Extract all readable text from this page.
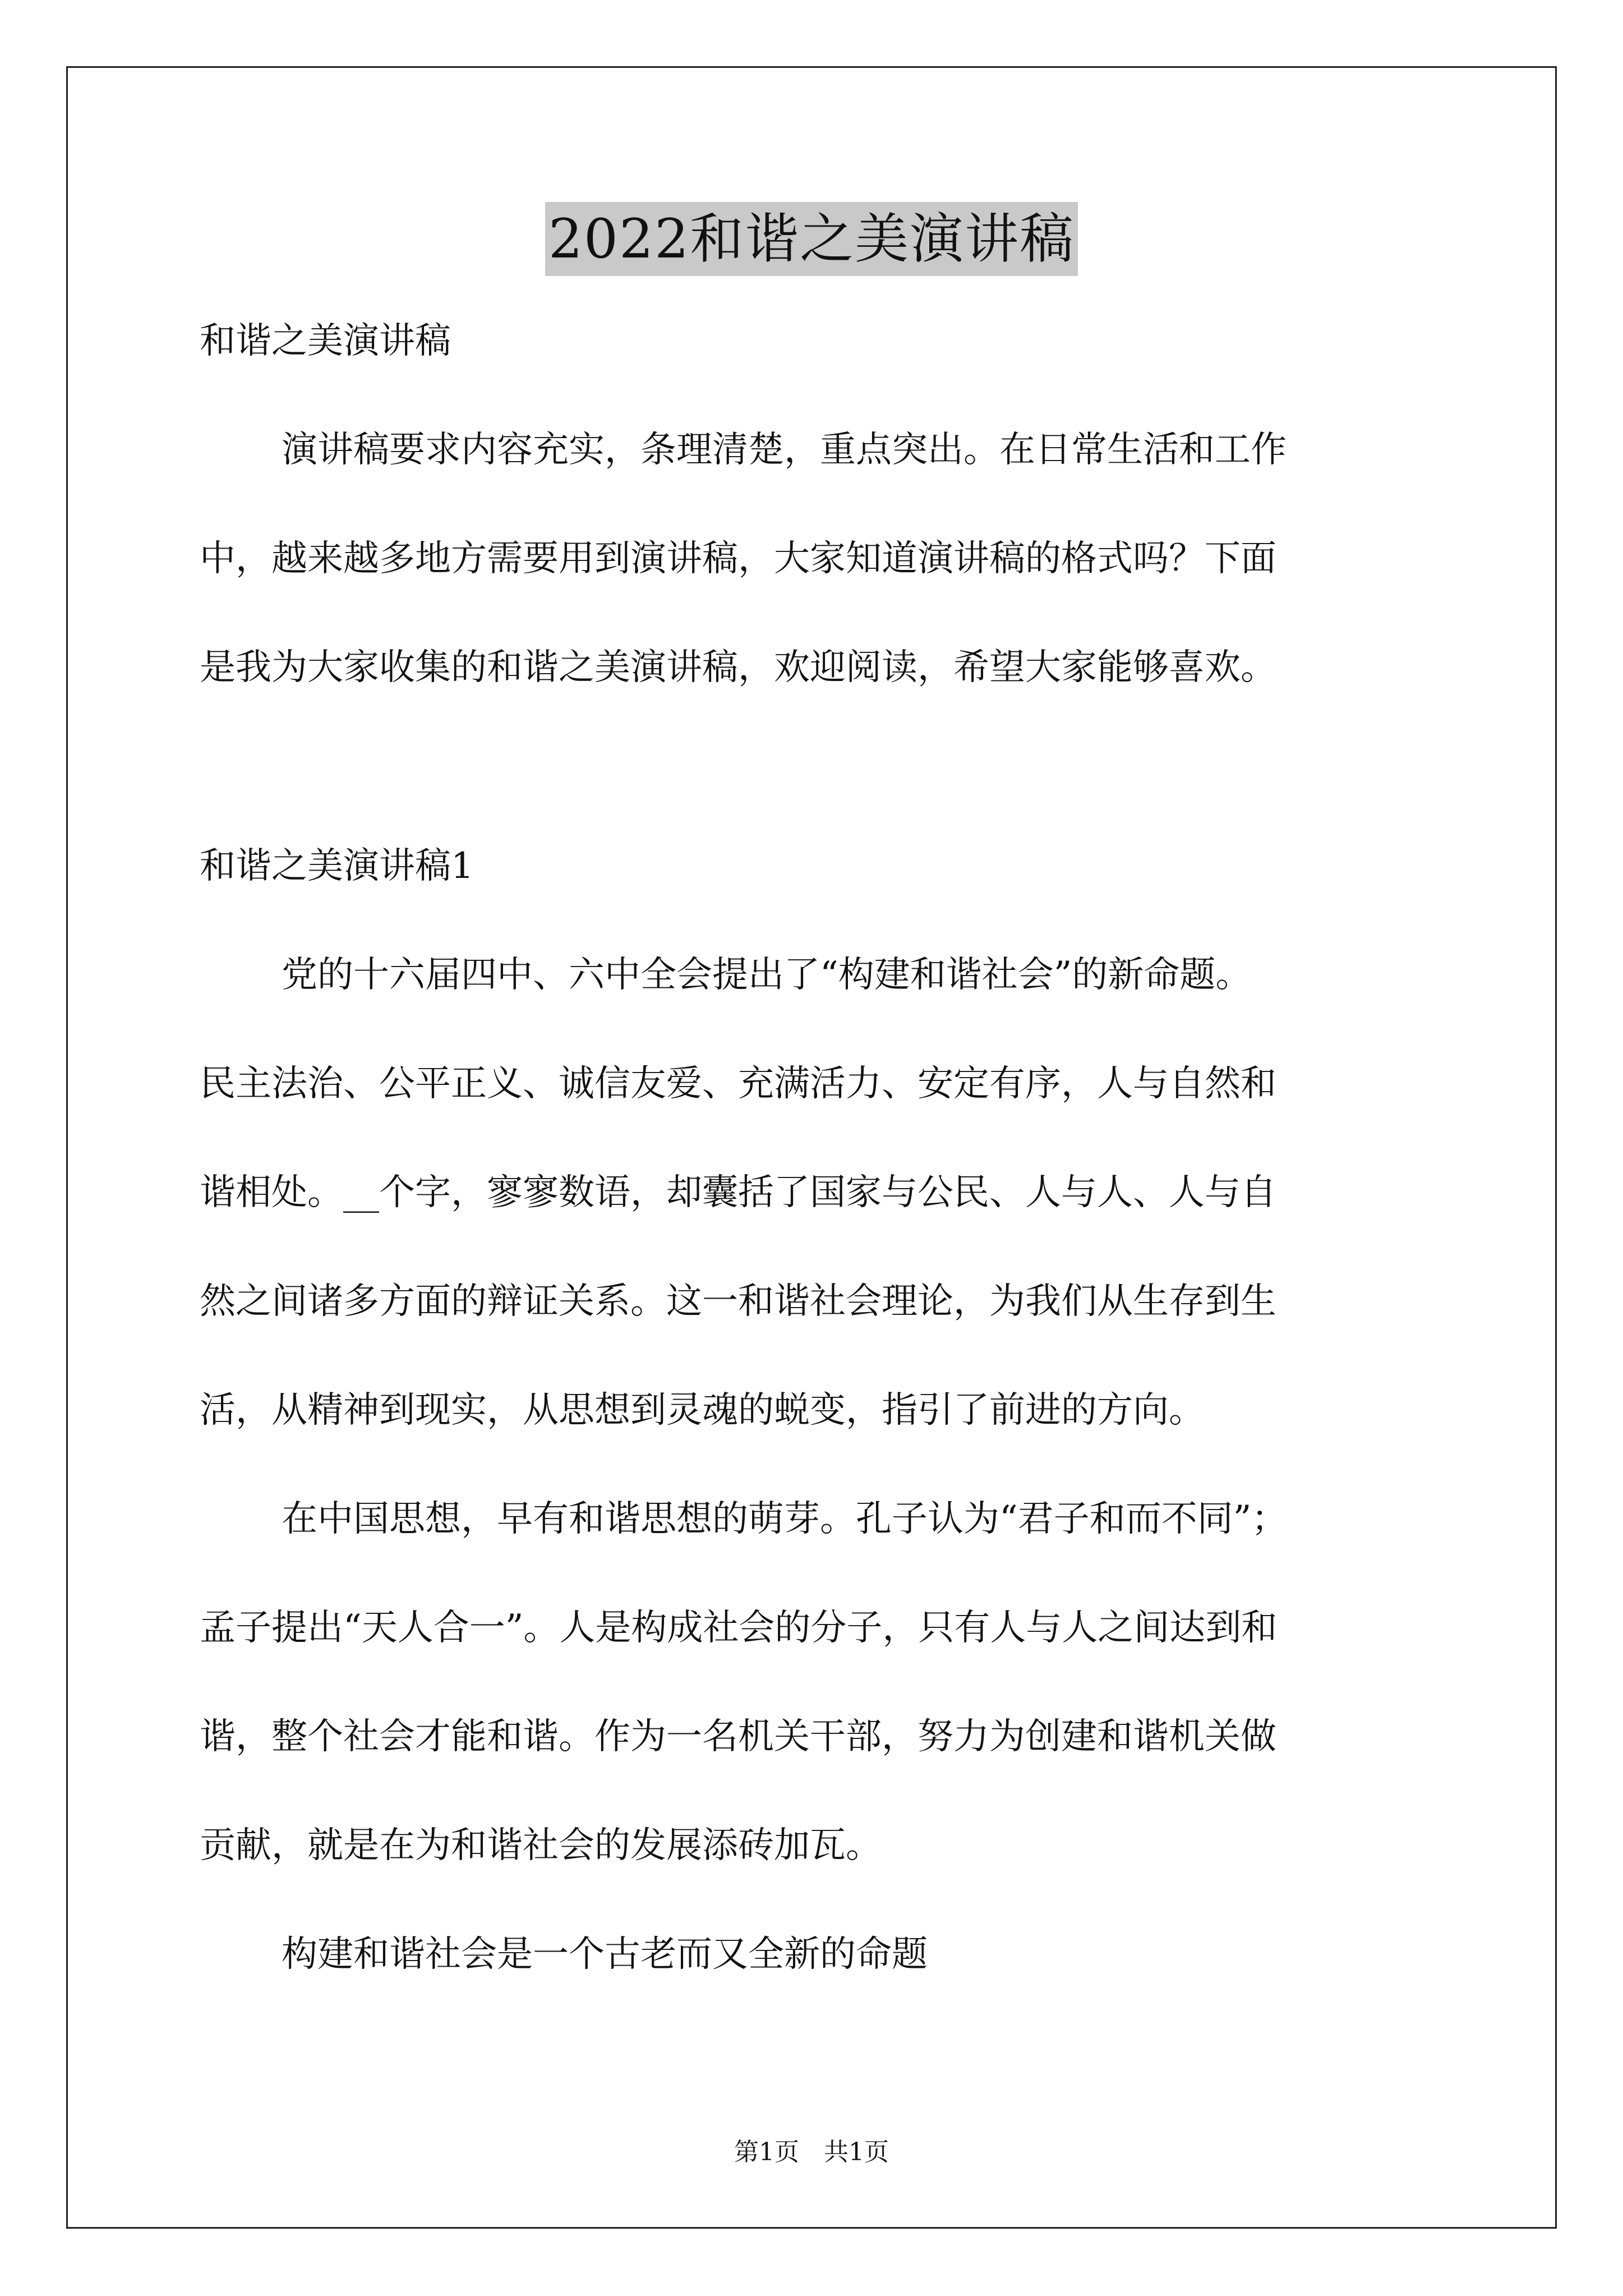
2022和谐之美演讲稿
和谐之美演讲稿
演讲稿要求内容充实，条理清楚，重点突出。在日常生活和工作
中，越来越多地方需要用到演讲稿，大家知道演讲稿的格式吗？下面
是我为大家收集的和谐之美演讲稿，欢迎阅读，希望大家能够喜欢。
和谐之美演讲稿1
党的十六届四中、六中全会提出了“构建和谐社会”的新命题。
民主法治、公平正义、诚信友爱、充满活力、安定有序，人与自然和
谐相处。__个字，寥寥数语，却囊括了国家与公民、人与人、人与自
然之间诸多方面的辩证关系。这一和谐社会理论，为我们从生存到生
活，从精神到现实，从思想到灵魂的蜕变，指引了前进的方向。
在中国思想，早有和谐思想的萌芽。孔子认为“君子和而不同”；
孟子提出“天人合一”。人是构成社会的分子，只有人与人之间达到和
谐，整个社会才能和谐。作为一名机关干部，努力为创建和谐机关做
贡献，就是在为和谐社会的发展添砖加瓦。
构建和谐社会是一个古老而又全新的命题
第1页 共1页
